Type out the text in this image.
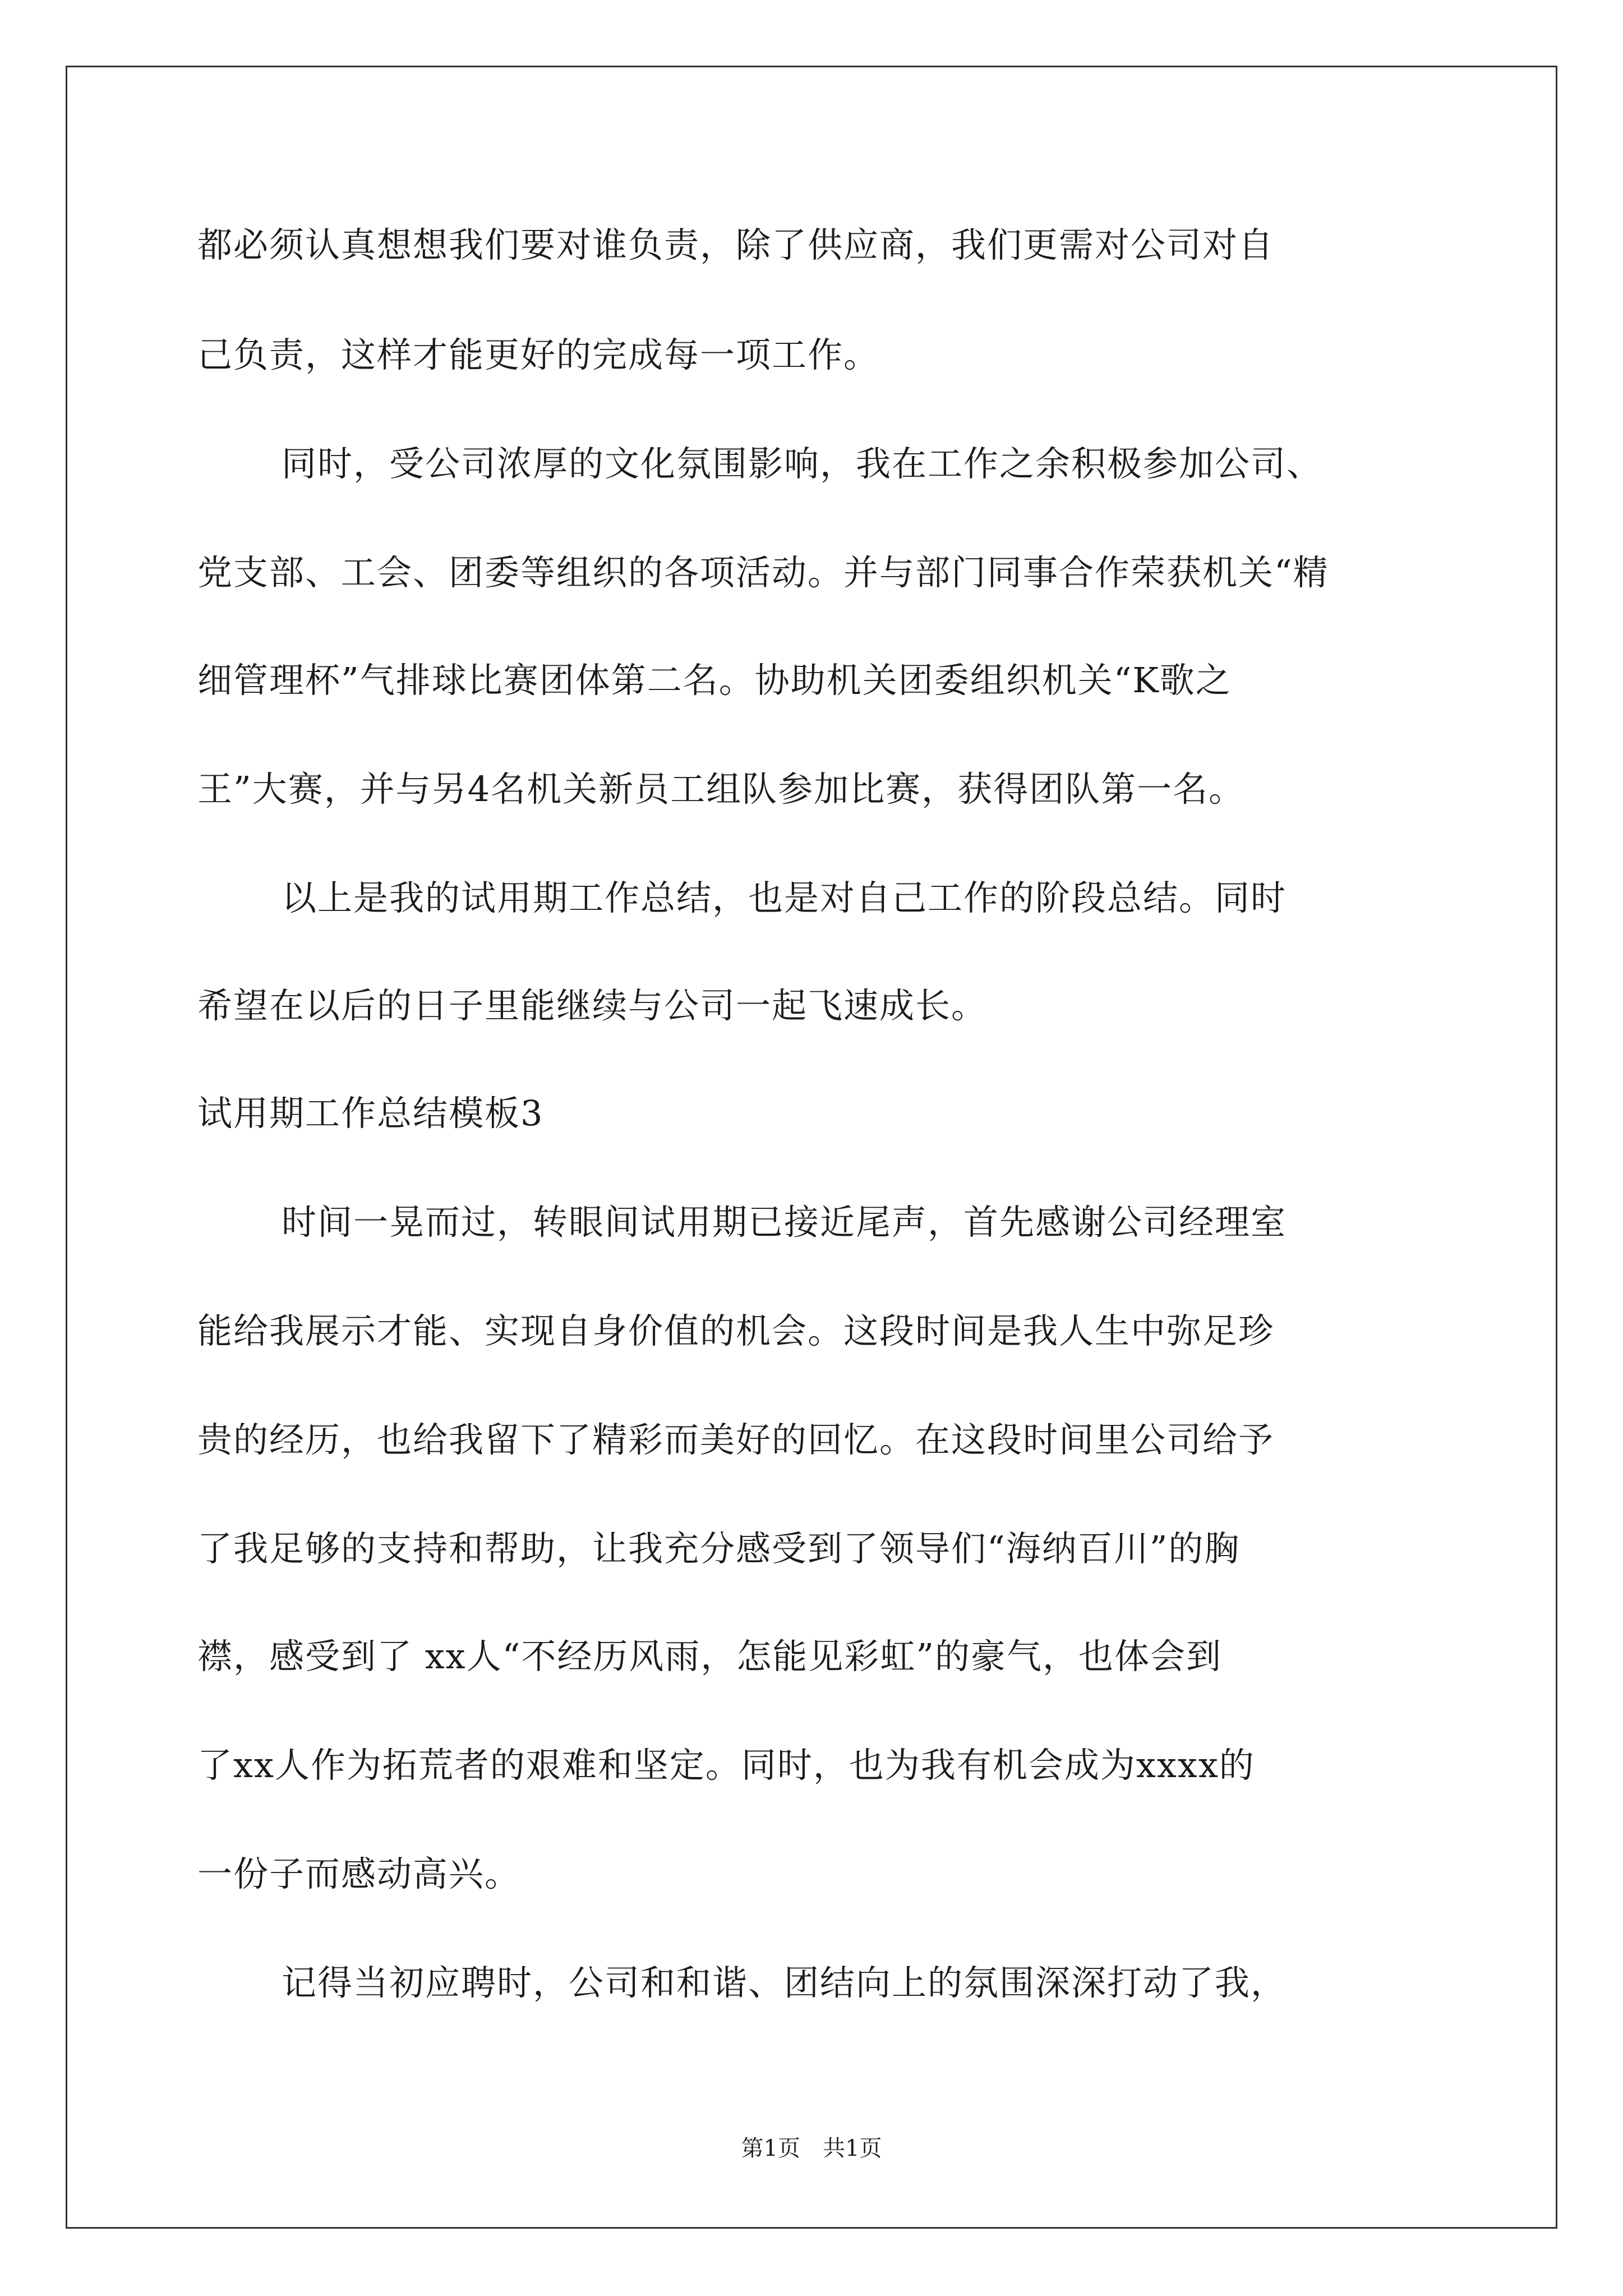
都必须认真想想我们要对谁负责，除了供应商，我们更需对公司对自
己负责，这样才能更好的完成每一项工作。
同时，受公司浓厚的文化氛围影响，我在工作之余积极参加公司、
党支部、工会、团委等组织的各项活动。并与部门同事合作荣获机关“精
细管理杯”气排球比赛团体第二名。协助机关团委组织机关“K歌之
王”大赛，并与另4名机关新员工组队参加比赛，获得团队第一名。
以上是我的试用期工作总结，也是对自己工作的阶段总结。同时
希望在以后的日子里能继续与公司一起飞速成长。
试用期工作总结模板3
时间一晃而过，转眼间试用期已接近尾声，首先感谢公司经理室
能给我展示才能、实现自身价值的机会。这段时间是我人生中弥足珍
贵的经历，也给我留下了精彩而美好的回忆。在这段时间里公司给予
了我足够的支持和帮助，让我充分感受到了领导们“海纳百川”的胸
襟，感受到了 xx人“不经历风雨，怎能见彩虹”的豪气，也体会到
了xx人作为拓荒者的艰难和坚定。同时，也为我有机会成为xxxx的
一份子而感动高兴。
记得当初应聘时，公司和和谐、团结向上的氛围深深打动了我，
第1页 共1页
